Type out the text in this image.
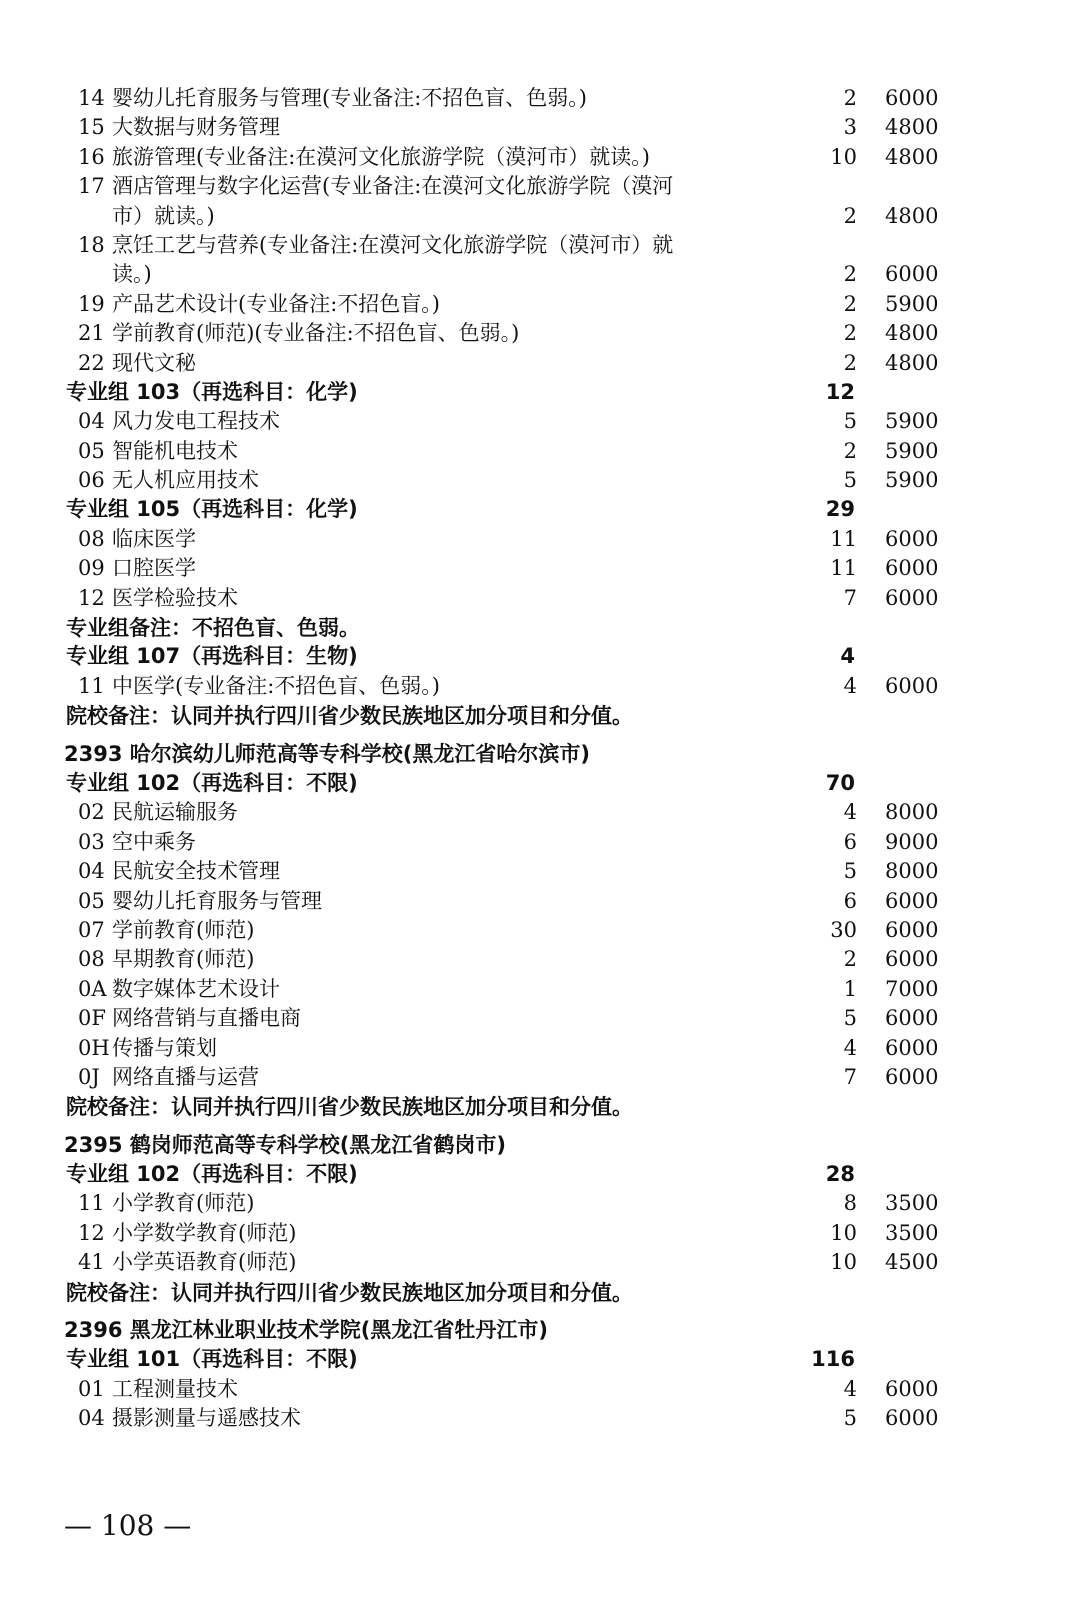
14 婴幼儿托育服务与管理(专业备注:不招色盲、色弱。)	2 6000
15 大数据与财务管理	3 4800
16 旅游管理(专业备注:在漠河文化旅游学院（漠河市）就读。)	10 4800
17 酒店管理与数字化运营(专业备注:在漠河文化旅游学院（漠河
市）就读。)	2 4800
18 烹饪工艺与营养(专业备注:在漠河文化旅游学院（漠河市）就
读。)	2 6000
19 产品艺术设计(专业备注:不招色盲。)	2 5900
21 学前教育(师范)(专业备注:不招色盲、色弱。)	2 4800
22 现代文秘	2 4800
专业组 103（再选科目：化学)	12
04 风力发电工程技术	5 5900
05 智能机电技术	2 5900
06 无人机应用技术	5 5900
专业组 105（再选科目：化学)	29
08 临床医学	11 6000
09 口腔医学	11 6000
12 医学检验技术	7 6000
专业组备注：不招色盲、色弱。
专业组 107（再选科目：生物)	4
11 中医学(专业备注:不招色盲、色弱。)	4 6000
院校备注：认同并执行四川省少数民族地区加分项目和分值。
2393 哈尔滨幼儿师范高等专科学校(黑龙江省哈尔滨市)
专业组 102（再选科目：不限)	70
02 民航运输服务	4 8000
03 空中乘务	6 9000
04 民航安全技术管理	5 8000
05 婴幼儿托育服务与管理	6 6000
07 学前教育(师范)	30 6000
08 早期教育(师范)	2 6000
0A 数字媒体艺术设计	1 7000
0F 网络营销与直播电商	5 6000
0H 传播与策划	4 6000
0J 网络直播与运营	7 6000
院校备注：认同并执行四川省少数民族地区加分项目和分值。
2395 鹤岗师范高等专科学校(黑龙江省鹤岗市)
专业组 102（再选科目：不限)	28
11 小学教育(师范)	8 3500
12 小学数学教育(师范)	10 3500
41 小学英语教育(师范)	10 4500
院校备注：认同并执行四川省少数民族地区加分项目和分值。
2396 黑龙江林业职业技术学院(黑龙江省牡丹江市)
专业组 101（再选科目：不限)	116
01 工程测量技术	4 6000
04 摄影测量与遥感技术	5 6000
— 108 —
